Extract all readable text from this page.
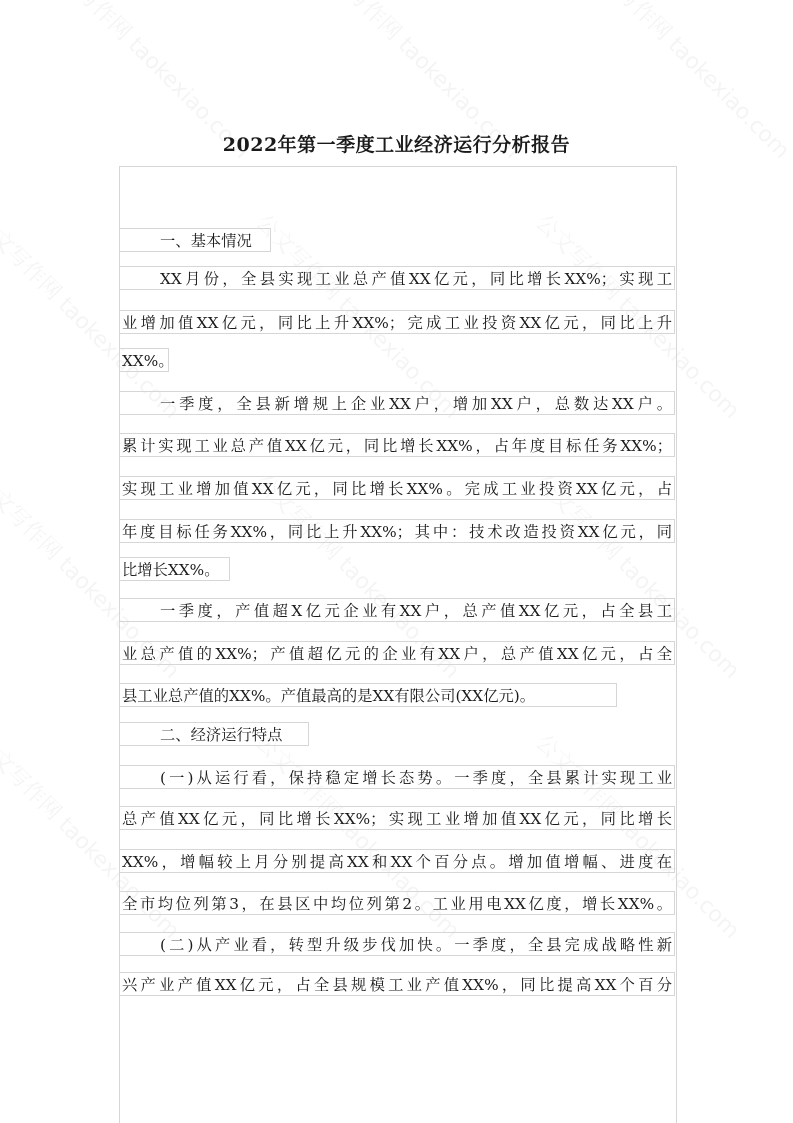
2022年第一季度工业经济运行分析报告
一、基本情况
XX月份，全县实现工业总产值XX亿元，同比增长XX%；实现工
业增加值XX亿元，同比上升XX%；完成工业投资XX亿元，同比上升
XX%。
一季度，全县新增规上企业XX户，增加XX户，总数达XX户。
累计实现工业总产值XX亿元，同比增长XX%，占年度目标任务XX%；
实现工业增加值XX亿元，同比增长XX%。完成工业投资XX亿元，占
年度目标任务XX%，同比上升XX%；其中：技术改造投资XX亿元，同
比增长XX%。
一季度，产值超X亿元企业有XX户，总产值XX亿元，占全县工
业总产值的XX%；产值超亿元的企业有XX户，总产值XX亿元，占全
县工业总产值的XX%。产值最高的是XX有限公司(XX亿元)。
二、经济运行特点
(一)从运行看，保持稳定增长态势。一季度，全县累计实现工业
总产值XX亿元，同比增长XX%；实现工业增加值XX亿元，同比增长
XX%，增幅较上月分别提高XX和XX个百分点。增加值增幅、进度在
全市均位列第3，在县区中均位列第2。工业用电XX亿度，增长XX%。
(二)从产业看，转型升级步伐加快。一季度，全县完成战略性新
兴产业产值XX亿元，占全县规模工业产值XX%，同比提高XX个百分
